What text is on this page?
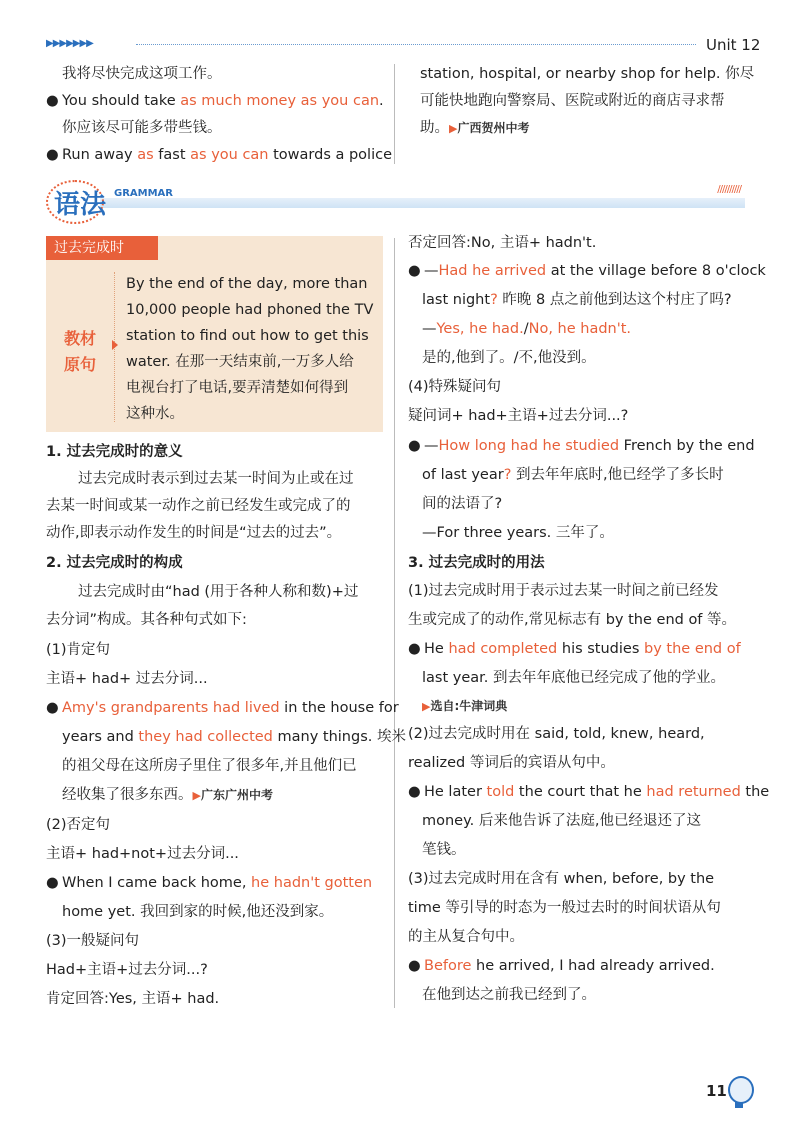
▶▶▶▶▶▶▶	Unit 12
我将尽快完成这项工作。
● You should take as much money as you can.
你应该尽可能多带些钱。
● Run away as fast as you can towards a police
station, hospital, or nearby shop for help. 你尽
可能快地跑向警察局、医院或附近的商店寻求帮
助。▶广西贺州中考
语法 GRAMMAR	//////////
过去完成时
教材
原句
By the end of the day, more than
10,000 people had phoned the TV
station to find out how to get this
water. 在那一天结束前,一万多人给
电视台打了电话,要弄清楚如何得到
这种水。
1. 过去完成时的意义
过去完成时表示到过去某一时间为止或在过
去某一时间或某一动作之前已经发生或完成了的
动作,即表示动作发生的时间是“过去的过去”。
2. 过去完成时的构成
过去完成时由“had (用于各种人称和数)+过
去分词”构成。其各种句式如下:
(1)肯定句
主语+ had+ 过去分词...
● Amy's grandparents had lived in the house for
years and they had collected many things. 埃米
的祖父母在这所房子里住了很多年,并且他们已
经收集了很多东西。▶广东广州中考
(2)否定句
主语+ had+not+过去分词...
● When I came back home, he hadn't gotten
home yet. 我回到家的时候,他还没到家。
(3)一般疑问句
Had+主语+过去分词...?
肯定回答:Yes, 主语+ had.
否定回答:No, 主语+ hadn't.
● —Had he arrived at the village before 8 o'clock
last night? 昨晚 8 点之前他到达这个村庄了吗?
—Yes, he had./No, he hadn't.
是的,他到了。/不,他没到。
(4)特殊疑问句
疑问词+ had+主语+过去分词...?
● —How long had he studied French by the end
of last year? 到去年年底时,他已经学了多长时
间的法语了?
—For three years. 三年了。
3. 过去完成时的用法
(1)过去完成时用于表示过去某一时间之前已经发
生或完成了的动作,常见标志有 by the end of 等。
● He had completed his studies by the end of
last year. 到去年年底他已经完成了他的学业。
▶选自:牛津词典
(2)过去完成时用在 said, told, knew, heard,
realized 等词后的宾语从句中。
● He later told the court that he had returned the
money. 后来他告诉了法庭,他已经退还了这
笔钱。
(3)过去完成时用在含有 when, before, by the
time 等引导的时态为一般过去时的时间状语从句
的主从复合句中。
● Before he arrived, I had already arrived.
在他到达之前我已经到了。
11
